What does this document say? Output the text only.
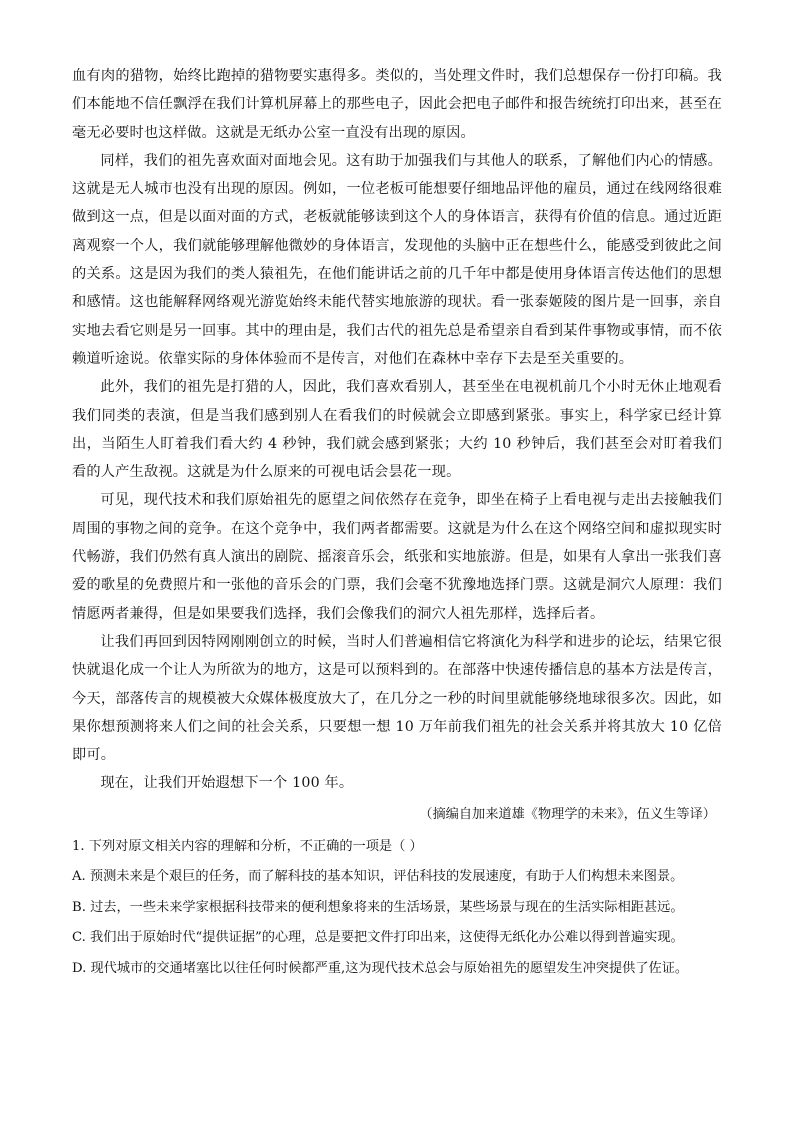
血有肉的猎物，始终比跑掉的猎物要实惠得多。类似的，当处理文件时，我们总想保存一份打印稿。我们本能地不信任飘浮在我们计算机屏幕上的那些电子，因此会把电子邮件和报告统统打印出来，甚至在毫无必要时也这样做。这就是无纸办公室一直没有出现的原因。

同样，我们的祖先喜欢面对面地会见。这有助于加强我们与其他人的联系，了解他们内心的情感。这就是无人城市也没有出现的原因。例如，一位老板可能想要仔细地品评他的雇员，通过在线网络很难做到这一点，但是以面对面的方式，老板就能够读到这个人的身体语言，获得有价值的信息。通过近距离观察一个人，我们就能够理解他微妙的身体语言，发现他的头脑中正在想些什么，能感受到彼此之间的关系。这是因为我们的类人猿祖先，在他们能讲话之前的几千年中都是使用身体语言传达他们的思想和感情。这也能解释网络观光游览始终未能代替实地旅游的现状。看一张泰姬陵的图片是一回事，亲自实地去看它则是另一回事。其中的理由是，我们古代的祖先总是希望亲自看到某件事物或事情，而不依赖道听途说。依靠实际的身体体验而不是传言，对他们在森林中幸存下去是至关重要的。

此外，我们的祖先是打猎的人，因此，我们喜欢看别人，甚至坐在电视机前几个小时无休止地观看我们同类的表演，但是当我们感到别人在看我们的时候就会立即感到紧张。事实上，科学家已经计算出，当陌生人盯着我们看大约 4 秒钟，我们就会感到紧张；大约 10 秒钟后，我们甚至会对盯着我们看的人产生敌视。这就是为什么原来的可视电话会昙花一现。

可见，现代技术和我们原始祖先的愿望之间依然存在竞争，即坐在椅子上看电视与走出去接触我们周围的事物之间的竞争。在这个竞争中，我们两者都需要。这就是为什么在这个网络空间和虚拟现实时代畅游，我们仍然有真人演出的剧院、摇滚音乐会，纸张和实地旅游。但是，如果有人拿出一张我们喜爱的歌星的免费照片和一张他的音乐会的门票，我们会毫不犹豫地选择门票。这就是洞穴人原理：我们情愿两者兼得，但是如果要我们选择，我们会像我们的洞穴人祖先那样，选择后者。

让我们再回到因特网刚刚创立的时候，当时人们普遍相信它将演化为科学和进步的论坛，结果它很快就退化成一个让人为所欲为的地方，这是可以预料到的。在部落中快速传播信息的基本方法是传言，今天，部落传言的规模被大众媒体极度放大了，在几分之一秒的时间里就能够绕地球很多次。因此，如果你想预测将来人们之间的社会关系，只要想一想 10 万年前我们祖先的社会关系并将其放大 10 亿倍即可。

现在，让我们开始遐想下一个 100 年。

（摘编自加来道雄《物理学的未来》，伍义生等译）
1. 下列对原文相关内容的理解和分析，不正确的一项是（ ）
A. 预测未来是个艰巨的任务，而了解科技的基本知识，评估科技的发展速度，有助于人们构想未来图景。
B. 过去，一些未来学家根据科技带来的便利想象将来的生活场景，某些场景与现在的生活实际相距甚远。
C. 我们出于原始时代“提供证据”的心理，总是要把文件打印出来，这使得无纸化办公难以得到普遍实现。
D. 现代城市的交通堵塞比以往任何时候都严重,这为现代技术总会与原始祖先的愿望发生冲突提供了佐证。
